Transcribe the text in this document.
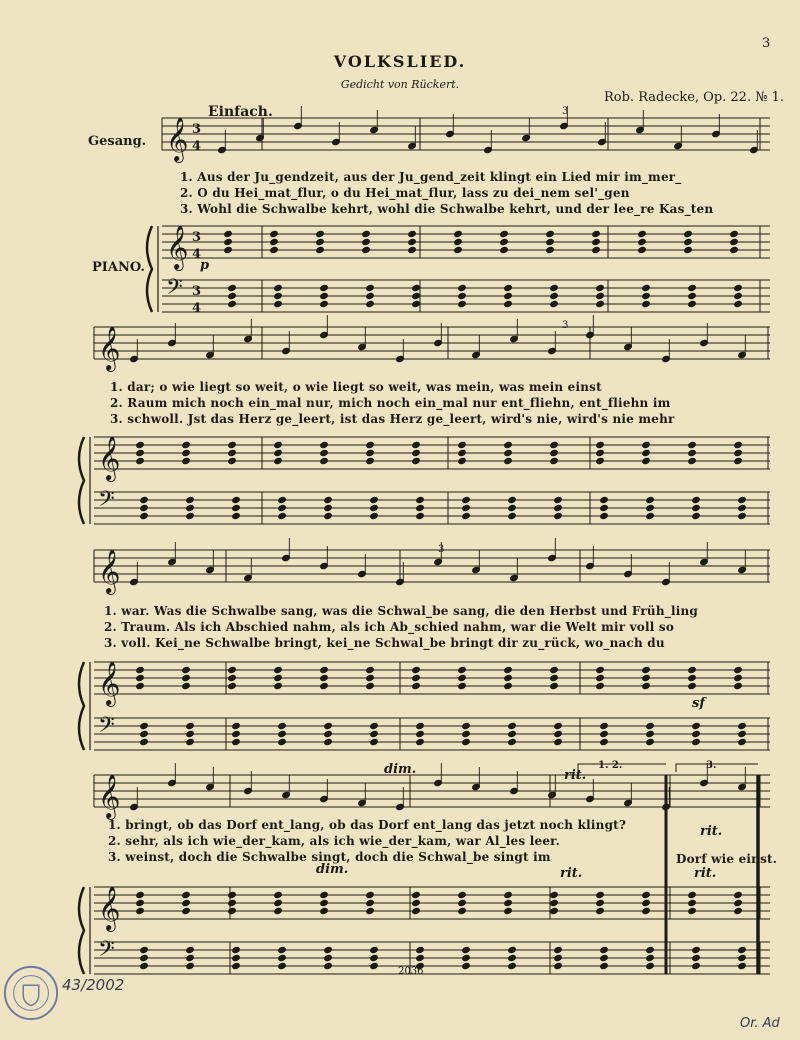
𝄞
𝄞
𝄢
3
4
3
4
3
4
𝄞
𝄞
𝄢
𝄞
𝄞
𝄢
𝄞
𝄞
𝄢
3
VOLKSLIED.
Gedicht von Rückert.
Rob. Radecke, Op. 22. № 1.
Einfach.
Gesang.
PIANO.
1. Aus der Ju_gendzeit, aus der Ju_gend_zeit klingt ein Lied mir im_mer_
2. O du Hei_mat_flur, o du Hei_mat_flur, lass zu dei_nem sel'_gen
3. Wohl die Schwalbe kehrt, wohl die Schwalbe kehrt, und der lee_re Kas_ten
1. dar; o wie liegt so weit, o wie liegt so weit, was mein, was mein einst
2. Raum mich noch ein_mal nur, mich noch ein_mal nur ent_fliehn, ent_fliehn im
3. schwoll. Jst das Herz ge_leert, ist das Herz ge_leert, wird's nie, wird's nie mehr
1. war. Was die Schwalbe sang, was die Schwal_be sang, die den Herbst und Früh_ling
2. Traum. Als ich Abschied nahm, als ich Ab_schied nahm, war die Welt mir voll so
3. voll. Kei_ne Schwalbe bringt, kei_ne Schwal_be bringt dir zu_rück, wo_nach du
1. bringt, ob das Dorf ent_lang, ob das Dorf ent_lang das jetzt noch klingt?
2. sehr, als ich wie_der_kam, als ich wie_der_kam, war Al_les leer.
3. weinst, doch die Schwalbe singt, doch die Schwal_be singt im	Dorf wie einst.
rit.
p
sf
dim.
dim.
rit.
rit.	rit.
3
3
3
1. 2.	3.
2036
43/2002
Or. Ad
